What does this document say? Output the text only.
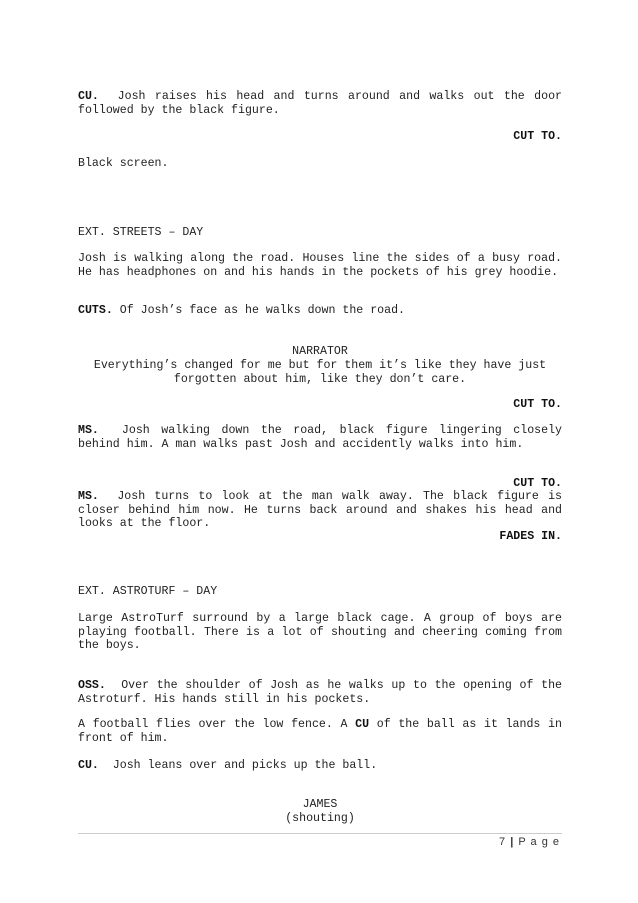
CU.  Josh raises his head and turns around and walks out the door followed by the black figure.

CUT TO.

Black screen.

EXT. STREETS – DAY

Josh is walking along the road. Houses line the sides of a busy road. He has headphones on and his hands in the pockets of his grey hoodie.

CUTS. Of Josh’s face as he walks down the road.

NARRATOR

Everything’s changed for me but for them it’s like they have just

forgotten about him, like they don’t care.

CUT TO.

MS.  Josh walking down the road, black figure lingering closely behind him. A man walks past Josh and accidently walks into him.

CUT TO.

MS.  Josh turns to look at the man walk away. The black figure is closer behind him now. He turns back around and shakes his head and looks at the floor.

FADES IN.

EXT. ASTROTURF – DAY

Large AstroTurf surround by a large black cage. A group of boys are playing football. There is a lot of shouting and cheering coming from the boys.

OSS.  Over the shoulder of Josh as he walks up to the opening of the Astroturf. His hands still in his pockets.

A football flies over the low fence. A CU of the ball as it lands in front of him.

CU.  Josh leans over and picks up the ball.

JAMES

(shouting)

7 | P a g e
